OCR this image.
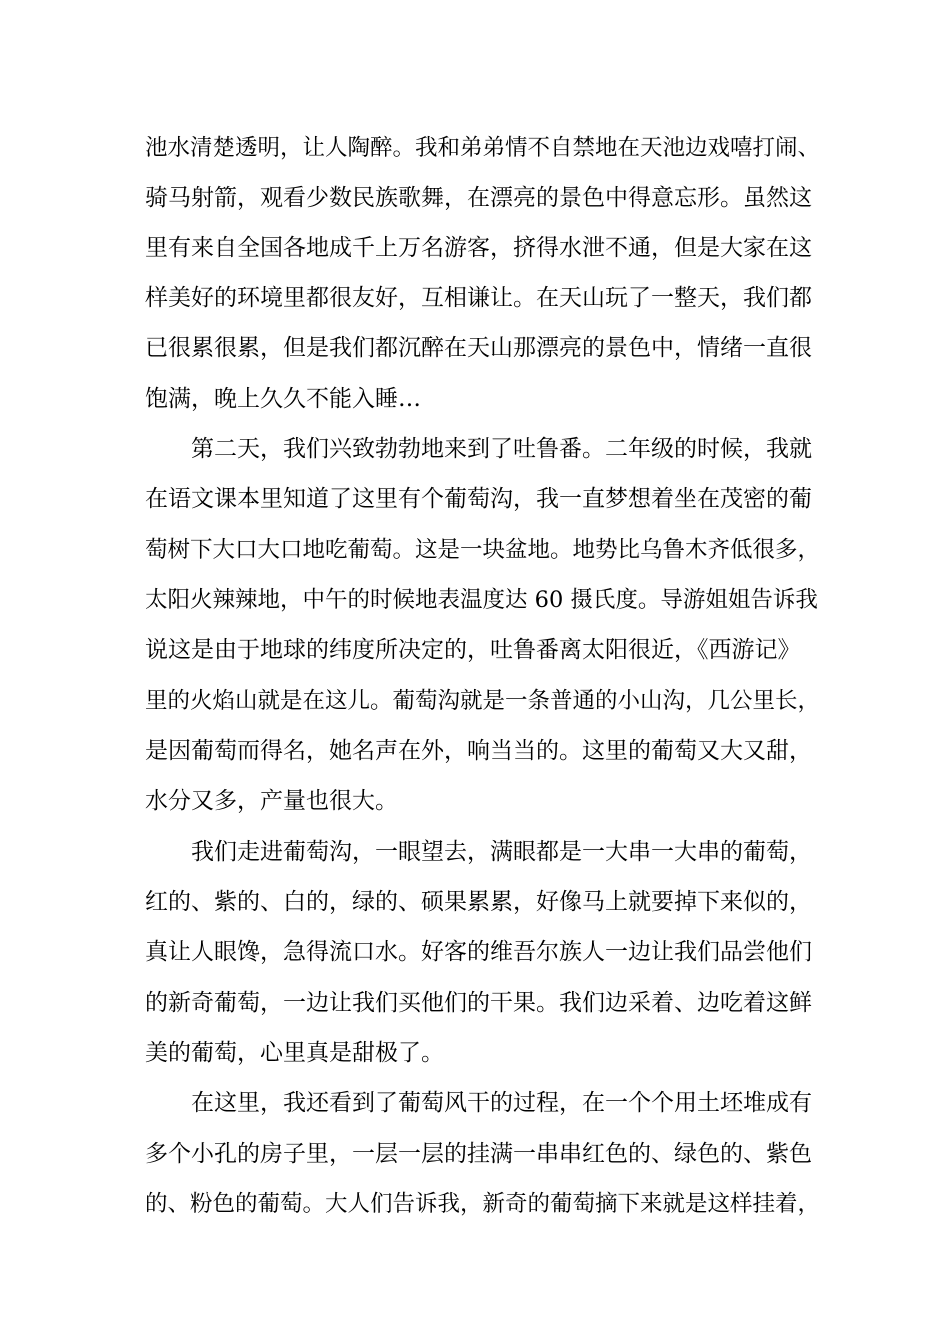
池水清楚透明，让人陶醉。我和弟弟情不自禁地在天池边戏嘻打闹、
骑马射箭，观看少数民族歌舞，在漂亮的景色中得意忘形。虽然这
里有来自全国各地成千上万名游客，挤得水泄不通，但是大家在这
样美好的环境里都很友好，互相谦让。在天山玩了一整天，我们都
已很累很累，但是我们都沉醉在天山那漂亮的景色中，情绪一直很
饱满，晚上久久不能入睡…
第二天，我们兴致勃勃地来到了吐鲁番。二年级的时候，我就
在语文课本里知道了这里有个葡萄沟，我一直梦想着坐在茂密的葡
萄树下大口大口地吃葡萄。这是一块盆地。地势比乌鲁木齐低很多，
太阳火辣辣地，中午的时候地表温度达 60 摄氏度。导游姐姐告诉我
说这是由于地球的纬度所决定的，吐鲁番离太阳很近，《西游记》
里的火焰山就是在这儿。葡萄沟就是一条普通的小山沟，几公里长，
是因葡萄而得名，她名声在外，响当当的。这里的葡萄又大又甜，
水分又多，产量也很大。
我们走进葡萄沟，一眼望去，满眼都是一大串一大串的葡萄，
红的、紫的、白的，绿的、硕果累累，好像马上就要掉下来似的，
真让人眼馋，急得流口水。好客的维吾尔族人一边让我们品尝他们
的新奇葡萄，一边让我们买他们的干果。我们边采着、边吃着这鲜
美的葡萄，心里真是甜极了。
在这里，我还看到了葡萄风干的过程，在一个个用土坯堆成有
多个小孔的房子里，一层一层的挂满一串串红色的、绿色的、紫色
的、粉色的葡萄。大人们告诉我，新奇的葡萄摘下来就是这样挂着，
